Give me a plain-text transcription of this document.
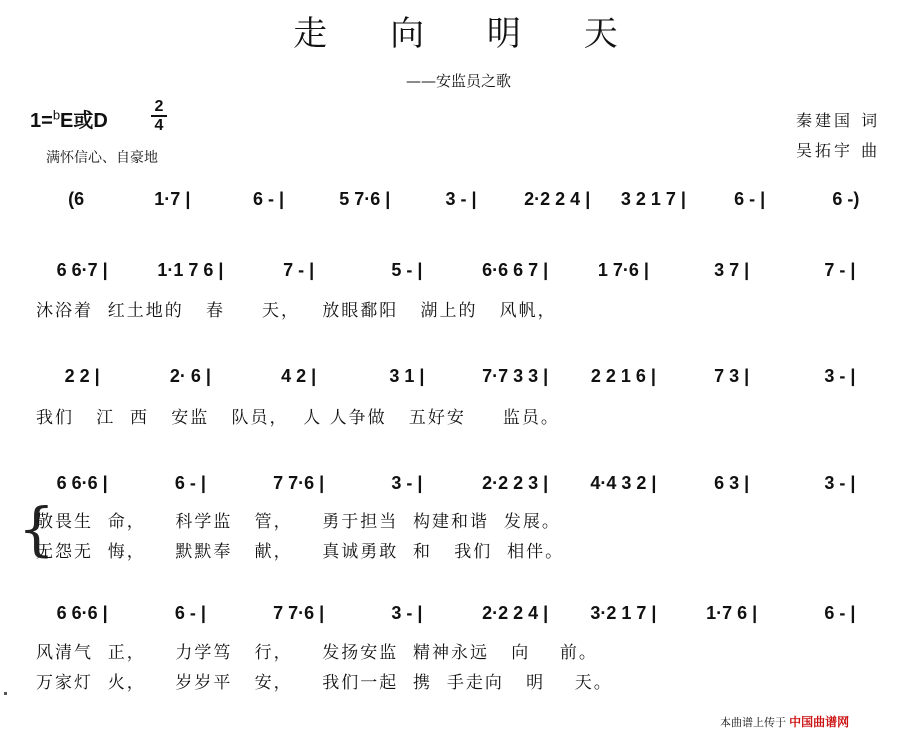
走 向 明 天
——安监员之歌
1=$^b$E或D
2
4
满怀信心、自豪地
秦建国 词
吴拓宇 曲
(6	1·7 |	6 - |	5 7·6 |	3 - |	2·2 2 4 |	3 2 1 7 |	6 - |	6 -)
6 6·7 |	1·1 7 6 |	7 - |	5 - |	6·6 6 7 |	1 7·6 |	3 7 |	7 - |
沐浴着  红土地的   春     天，   放眼鄱阳   湖上的   风帆，
2 2 |	2· 6 |	4 2 |	3 1 |	7·7 3 3 |	2 2 1 6 |	7 3 |	3 - |
我们   江  西   安监   队员，  人 人争做   五好安     监员。
6 6·6 |	6 - |	7 7·6 |	3 - |	2·2 2 3 |	4·4 3 2 |	6 3 |	3 - |
{
敬畏生  命，    科学监   管，    勇于担当  构建和谐  发展。
无怨无  悔，    默默奉   献，    真诚勇敢  和   我们  相伴。
6 6·6 |	6 - |	7 7·6 |	3 - |	2·2 2 4 |	3·2 1 7 |	1·7 6 |	6 - |
风清气  正，    力学笃   行，    发扬安监  精神永远   向    前。
万家灯  火，    岁岁平   安，    我们一起  携  手走向   明    天。
本曲谱上传于 中国曲谱网
